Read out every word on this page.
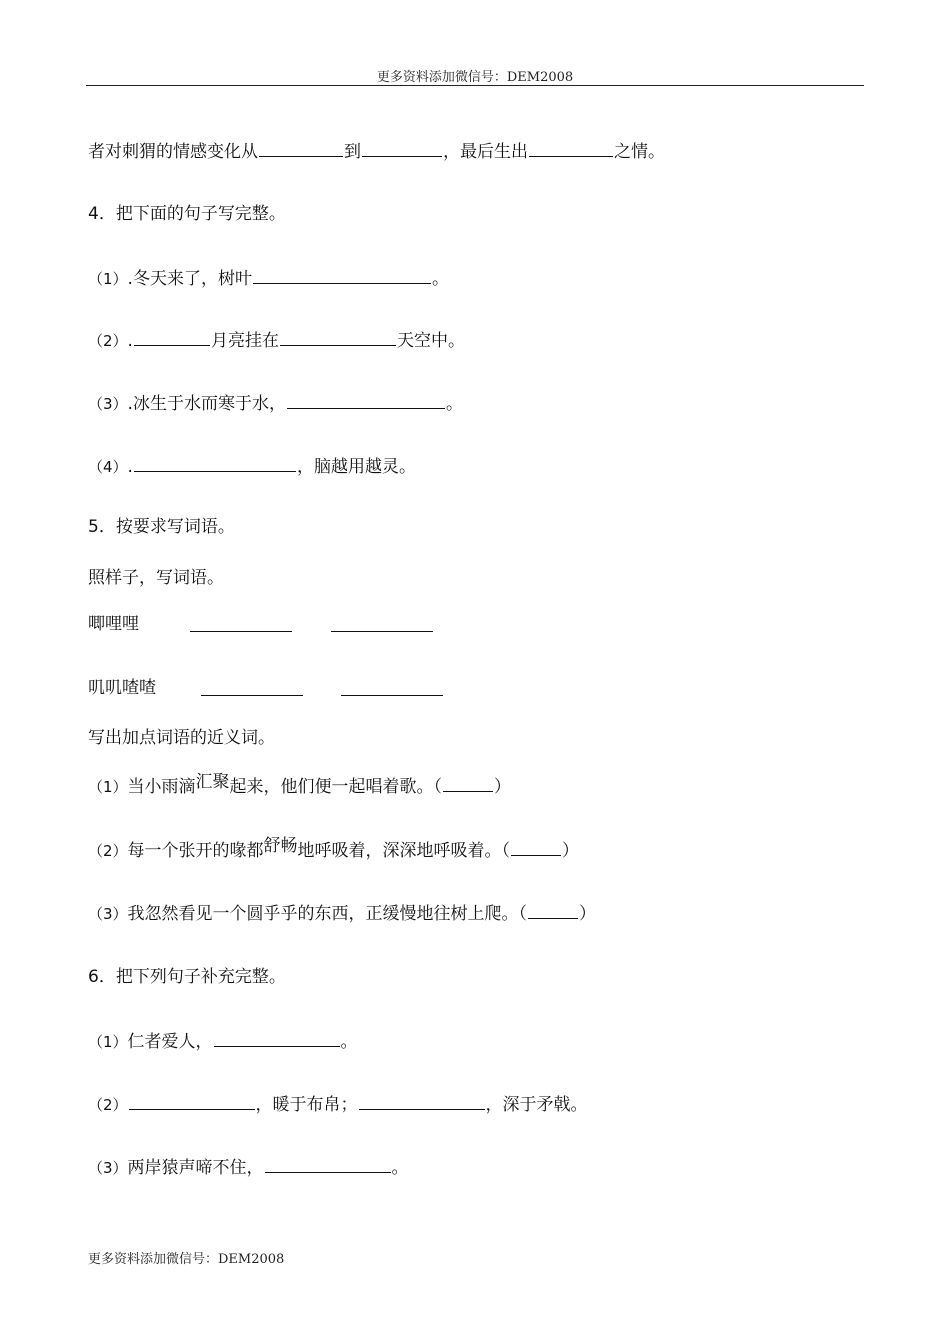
更多资料添加微信号：DEM2008
者对刺猬的情感变化从	到	，最后生出	之情。
4．把下面的句子写完整。
（1）.冬天来了，树叶	。
（2）.	月亮挂在	天空中。
（3）.冰生于水而寒于水，	。
（4）.	，脑越用越灵。
5．按要求写词语。
照样子，写词语。
唧哩哩
叽叽喳喳
写出加点词语的近义词。
（1）当小雨滴汇聚起来，他们便一起唱着歌。（	）
（2）每一个张开的喙都舒畅地呼吸着，深深地呼吸着。（	）
（3）我忽然看见一个圆乎乎的东西，正缓慢地往树上爬。（	）
6．把下列句子补充完整。
（1）仁者爱人，	。
（2）	，暖于布帛；	，深于矛戟。
（3）两岸猿声啼不住，	。
更多资料添加微信号：DEM2008
